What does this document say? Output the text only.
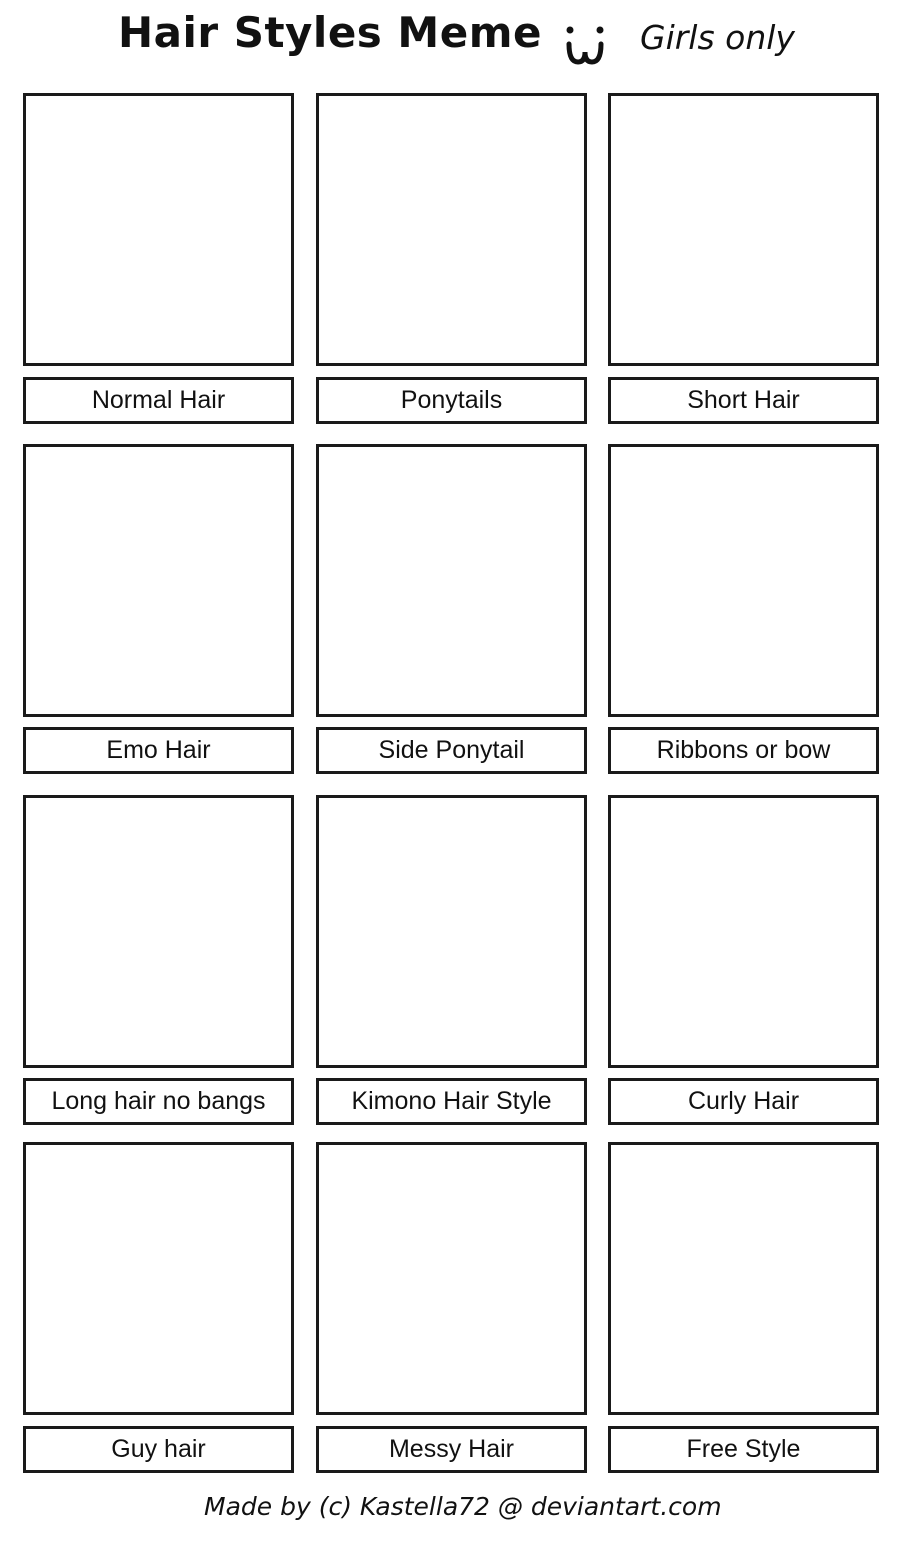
Hair Styles Meme	Girls only
Normal Hair	Ponytails	Short Hair
Emo Hair	Side Ponytail	Ribbons or bow
Long hair no bangs	Kimono Hair Style	Curly Hair
Guy hair	Messy Hair	Free Style
Made by (c) Kastella72 @ deviantart.com
